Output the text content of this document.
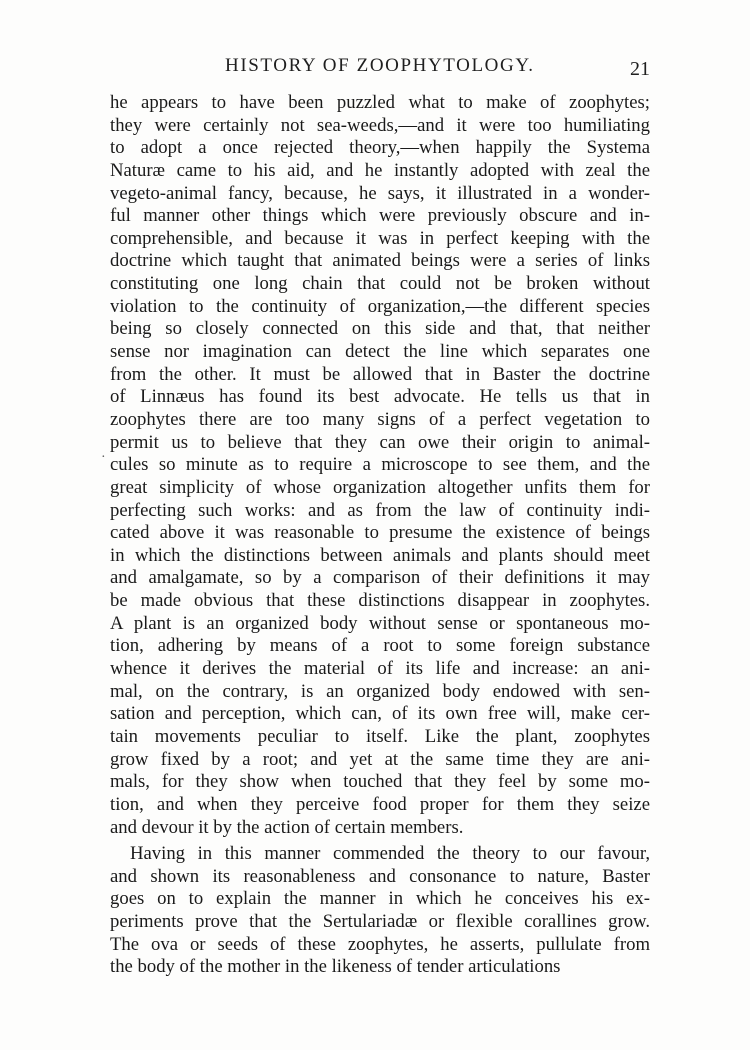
HISTORY OF ZOOPHYTOLOGY.	21
·
he appears to have been puzzled what to make of zoophytes;
they were certainly not sea-weeds,—and it were too humiliating
to adopt a once rejected theory,—when happily the Systema
Naturæ came to his aid, and he instantly adopted with zeal the
vegeto-animal fancy, because, he says, it illustrated in a wonder-
ful manner other things which were previously obscure and in-
comprehensible, and because it was in perfect keeping with the
doctrine which taught that animated beings were a series of links
constituting one long chain that could not be broken without
violation to the continuity of organization,—the different species
being so closely connected on this side and that, that neither
sense nor imagination can detect the line which separates one
from the other. It must be allowed that in Baster the doctrine
of Linnæus has found its best advocate. He tells us that in
zoophytes there are too many signs of a perfect vegetation to
permit us to believe that they can owe their origin to animal-
cules so minute as to require a microscope to see them, and the
great simplicity of whose organization altogether unfits them for
perfecting such works: and as from the law of continuity indi-
cated above it was reasonable to presume the existence of beings
in which the distinctions between animals and plants should meet
and amalgamate, so by a comparison of their definitions it may
be made obvious that these distinctions disappear in zoophytes.
A plant is an organized body without sense or spontaneous mo-
tion, adhering by means of a root to some foreign substance
whence it derives the material of its life and increase: an ani-
mal, on the contrary, is an organized body endowed with sen-
sation and perception, which can, of its own free will, make cer-
tain movements peculiar to itself. Like the plant, zoophytes
grow fixed by a root; and yet at the same time they are ani-
mals, for they show when touched that they feel by some mo-
tion, and when they perceive food proper for them they seize
and devour it by the action of certain members.
Having in this manner commended the theory to our favour,
and shown its reasonableness and consonance to nature, Baster
goes on to explain the manner in which he conceives his ex-
periments prove that the Sertulariadæ or flexible corallines grow.
The ova or seeds of these zoophytes, he asserts, pullulate from
the body of the mother in the likeness of tender articulations
